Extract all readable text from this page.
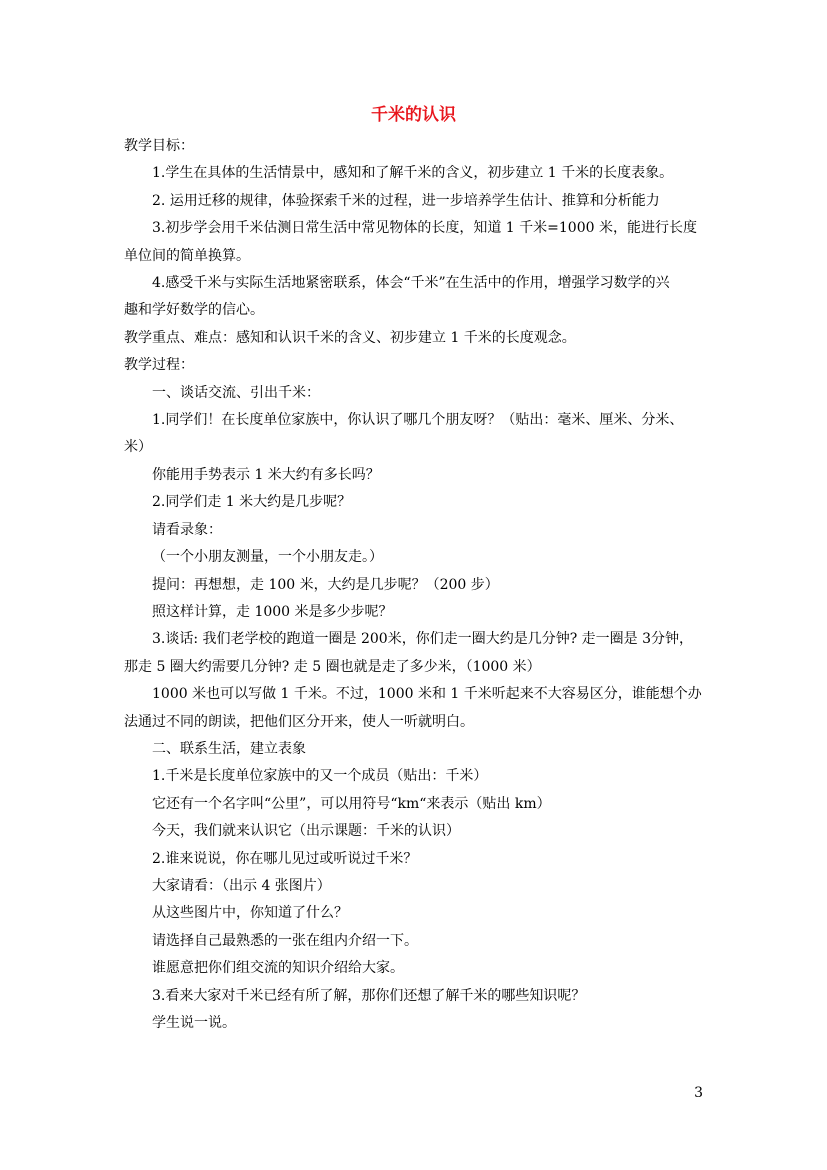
千米的认识

教学目标：

1.学生在具体的生活情景中，感知和了解千米的含义，初步建立 1 千米的长度表象。

2. 运用迁移的规律，体验探索千米的过程，进一步培养学生估计、推算和分析能力

3.初步学会用千米估测日常生活中常见物体的长度，知道 1 千米=1000 米，能进行长度

单位间的简单换算。

4.感受千米与实际生活地紧密联系，体会“千米”在生活中的作用，增强学习数学的兴

趣和学好数学的信心。

教学重点、难点：感知和认识千米的含义、初步建立 1 千米的长度观念。

教学过程：

一、谈话交流、引出千米：

1.同学们！在长度单位家族中，你认识了哪几个朋友呀？（贴出：毫米、厘米、分米、

米）

你能用手势表示 1 米大约有多长吗？

2.同学们走 1 米大约是几步呢？

请看录象：

（一个小朋友测量，一个小朋友走。）

提问：再想想，走 100 米，大约是几步呢？（200 步）

照这样计算，走 1000 米是多少步呢？

3.谈话: 我们老学校的跑道一圈是 200米，你们走一圈大约是几分钟? 走一圈是 3分钟，

那走 5 圈大约需要几分钟? 走 5 圈也就是走了多少米，（1000 米）

1000 米也可以写做 1 千米。不过，1000 米和 1 千米听起来不大容易区分，谁能想个办

法通过不同的朗读，把他们区分开来，使人一听就明白。

二、联系生活，建立表象

1.千米是长度单位家族中的又一个成员（贴出：千米）

它还有一个名字叫“公里”，可以用符号“km“来表示（贴出 km）

今天，我们就来认识它（出示课题：千米的认识）

2.谁来说说，你在哪儿见过或听说过千米？

大家请看：（出示 4 张图片）

从这些图片中，你知道了什么？

请选择自己最熟悉的一张在组内介绍一下。

谁愿意把你们组交流的知识介绍给大家。

3.看来大家对千米已经有所了解，那你们还想了解千米的哪些知识呢？

学生说一说。

3
